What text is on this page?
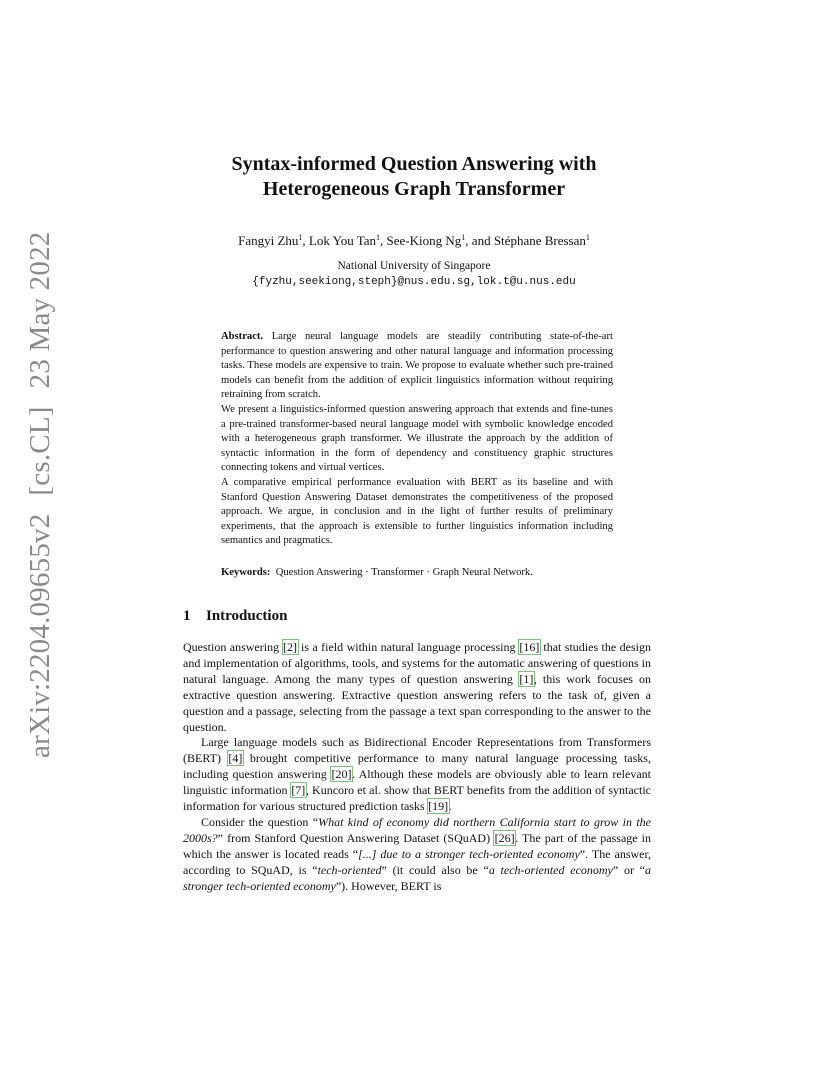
arXiv:2204.09655v2[cs.CL]23 May 2022
Syntax-informed Question Answering with
Heterogeneous Graph Transformer
Fangyi Zhu$^1$, Lok You Tan$^1$, See-Kiong Ng$^1$, and Stéphane Bressan$^1$
National University of Singapore
{fyzhu,seekiong,steph}@nus.edu.sg,lok.t@u.nus.edu

Abstract. Large neural language models are steadily contributing state-of-the-art performance to question answering and other natural language and information processing tasks. These models are expensive to train. We propose to evaluate whether such pre-trained models can benefit from the addition of explicit linguistics information without requiring retraining from scratch.

We present a linguistics-informed question answering approach that extends and fine-tunes a pre-trained transformer-based neural language model with symbolic knowledge encoded with a heterogeneous graph transformer. We illustrate the approach by the addition of syntactic information in the form of dependency and constituency graphic structures connecting tokens and virtual vertices.

A comparative empirical performance evaluation with BERT as its baseline and with Stanford Question Answering Dataset demonstrates the competitiveness of the proposed approach. We argue, in conclusion and in the light of further results of preliminary experiments, that the approach is extensible to further linguistics information including semantics and pragmatics.

Keywords: Question Answering · Transformer · Graph Neural Network.
1 Introduction

Question answering [2] is a field within natural language processing [16] that studies the design and implementation of algorithms, tools, and systems for the automatic answering of questions in natural language. Among the many types of question answering [1], this work focuses on extractive question answering. Extractive question answering refers to the task of, given a question and a passage, selecting from the passage a text span corresponding to the answer to the question.

Large language models such as Bidirectional Encoder Representations from Transformers (BERT) [4] brought competitive performance to many natural language processing tasks, including question answering [20]. Although these models are obviously able to learn relevant linguistic information [7], Kuncoro et al. show that BERT benefits from the addition of syntactic information for various structured prediction tasks [19].

Consider the question “What kind of economy did northern California start to grow in the 2000s?” from Stanford Question Answering Dataset (SQuAD) [26]. The part of the passage in which the answer is located reads “[...] due to a stronger tech-oriented economy”. The answer, according to SQuAD, is “tech-oriented” (it could also be “a tech-oriented economy” or “a stronger tech-oriented economy”). However, BERT is
